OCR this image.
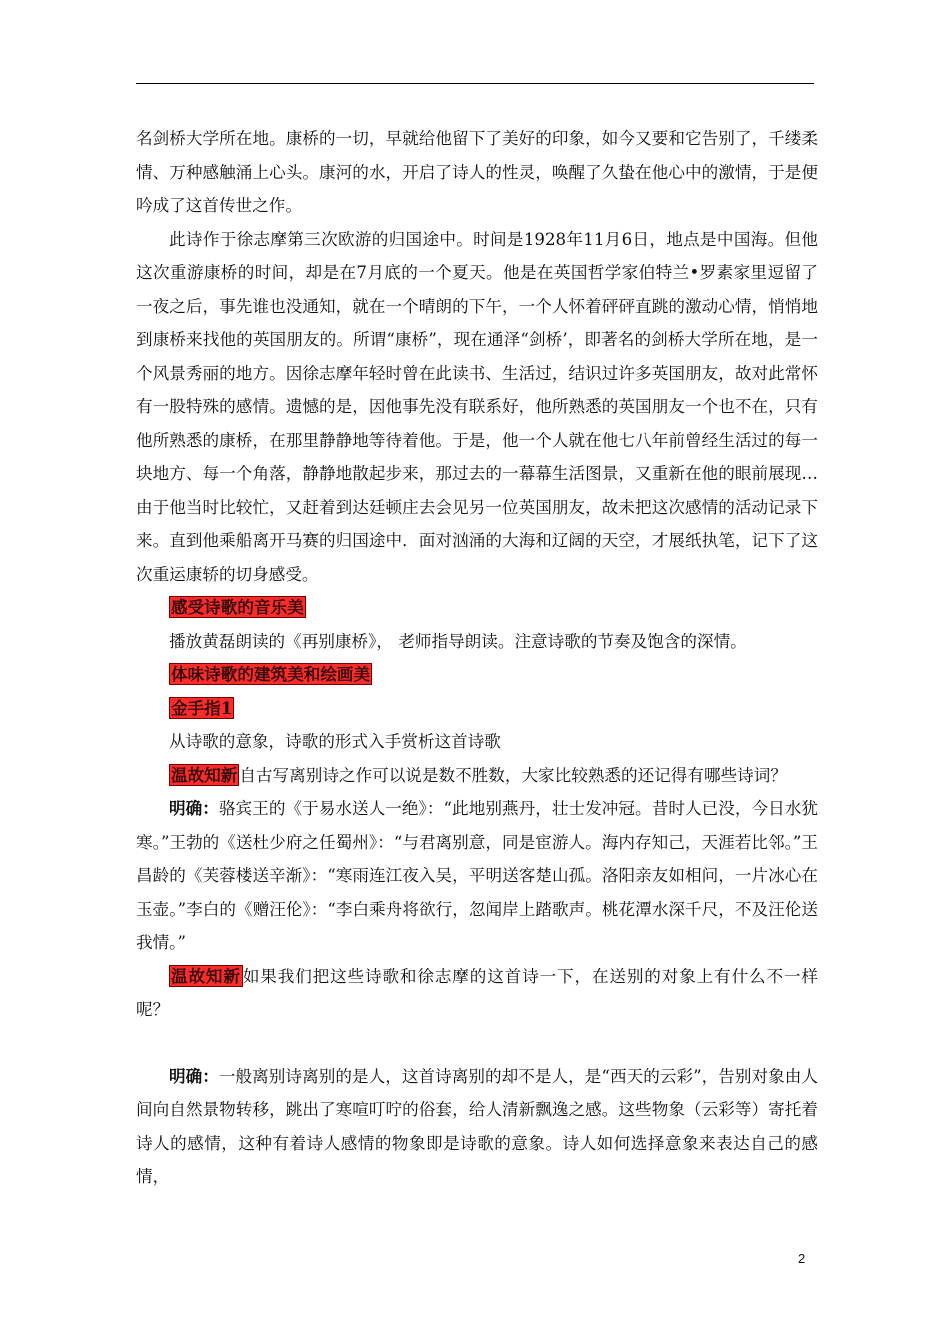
名剑桥大学所在地。康桥的一切，早就给他留下了美好的印象，如今又要和它告别了，千缕柔情、万种感触涌上心头。康河的水，开启了诗人的性灵，唤醒了久蛰在他心中的激情，于是便吟成了这首传世之作。

此诗作于徐志摩第三次欧游的归国途中。时间是1928年11月6日，地点是中国海。但他这次重游康桥的时间，却是在7月底的一个夏天。他是在英国哲学家伯特兰•罗素家里逗留了一夜之后，事先谁也没通知，就在一个晴朗的下午，一个人怀着砰砰直跳的激动心情，悄悄地到康桥来找他的英国朋友的。所谓“康桥”，现在通泽“剑桥’，即著名的剑桥大学所在地，是一个风景秀丽的地方。因徐志摩年轻时曾在此读书、生活过，结识过许多英国朋友，故对此常怀有一股特殊的感情。遗憾的是，因他事先没有联系好，他所熟悉的英国朋友一个也不在，只有他所熟悉的康桥，在那里静静地等待着他。于是，他一个人就在他七八年前曾经生活过的每一块地方、每一个角落，静静地散起步来，那过去的一幕幕生活图景，又重新在他的眼前展现…由于他当时比较忙，又赶着到达廷顿庄去会见另一位英国朋友，故未把这次感情的活动记录下来。直到他乘船离开马赛的归国途中．面对汹涌的大海和辽阔的天空，才展纸执笔，记下了这次重运康轿的切身感受。

感受诗歌的音乐美

播放黄磊朗读的《再别康桥》， 老师指导朗读。注意诗歌的节奏及饱含的深情。

体味诗歌的建筑美和绘画美

金手指1

从诗歌的意象，诗歌的形式入手赏析这首诗歌

温故知新 自古写离别诗之作可以说是数不胜数，大家比较熟悉的还记得有哪些诗词？

明确：骆宾王的《于易水送人一绝》：“此地别燕丹，壮士发冲冠。昔时人已没，今日水犹寒。”王勃的《送杜少府之任蜀州》：“与君离别意，同是宦游人。海内存知己，天涯若比邻。”王昌龄的《芙蓉楼送辛渐》：“寒雨连江夜入吴，平明送客楚山孤。洛阳亲友如相问，一片冰心在玉壶。”李白的《赠汪伦》：“李白乘舟将欲行，忽闻岸上踏歌声。桃花潭水深千尺，不及汪伦送我情。”

温故知新 如果我们把这些诗歌和徐志摩的这首诗一下，在送别的对象上有什么不一样呢？

明确：一般离别诗离别的是人，这首诗离别的却不是人，是“西天的云彩”，告别对象由人间向自然景物转移，跳出了寒喧叮咛的俗套，给人清新飘逸之感。这些物象（云彩等）寄托着诗人的感情，这种有着诗人感情的物象即是诗歌的意象。诗人如何选择意象来表达自己的感情，

2
